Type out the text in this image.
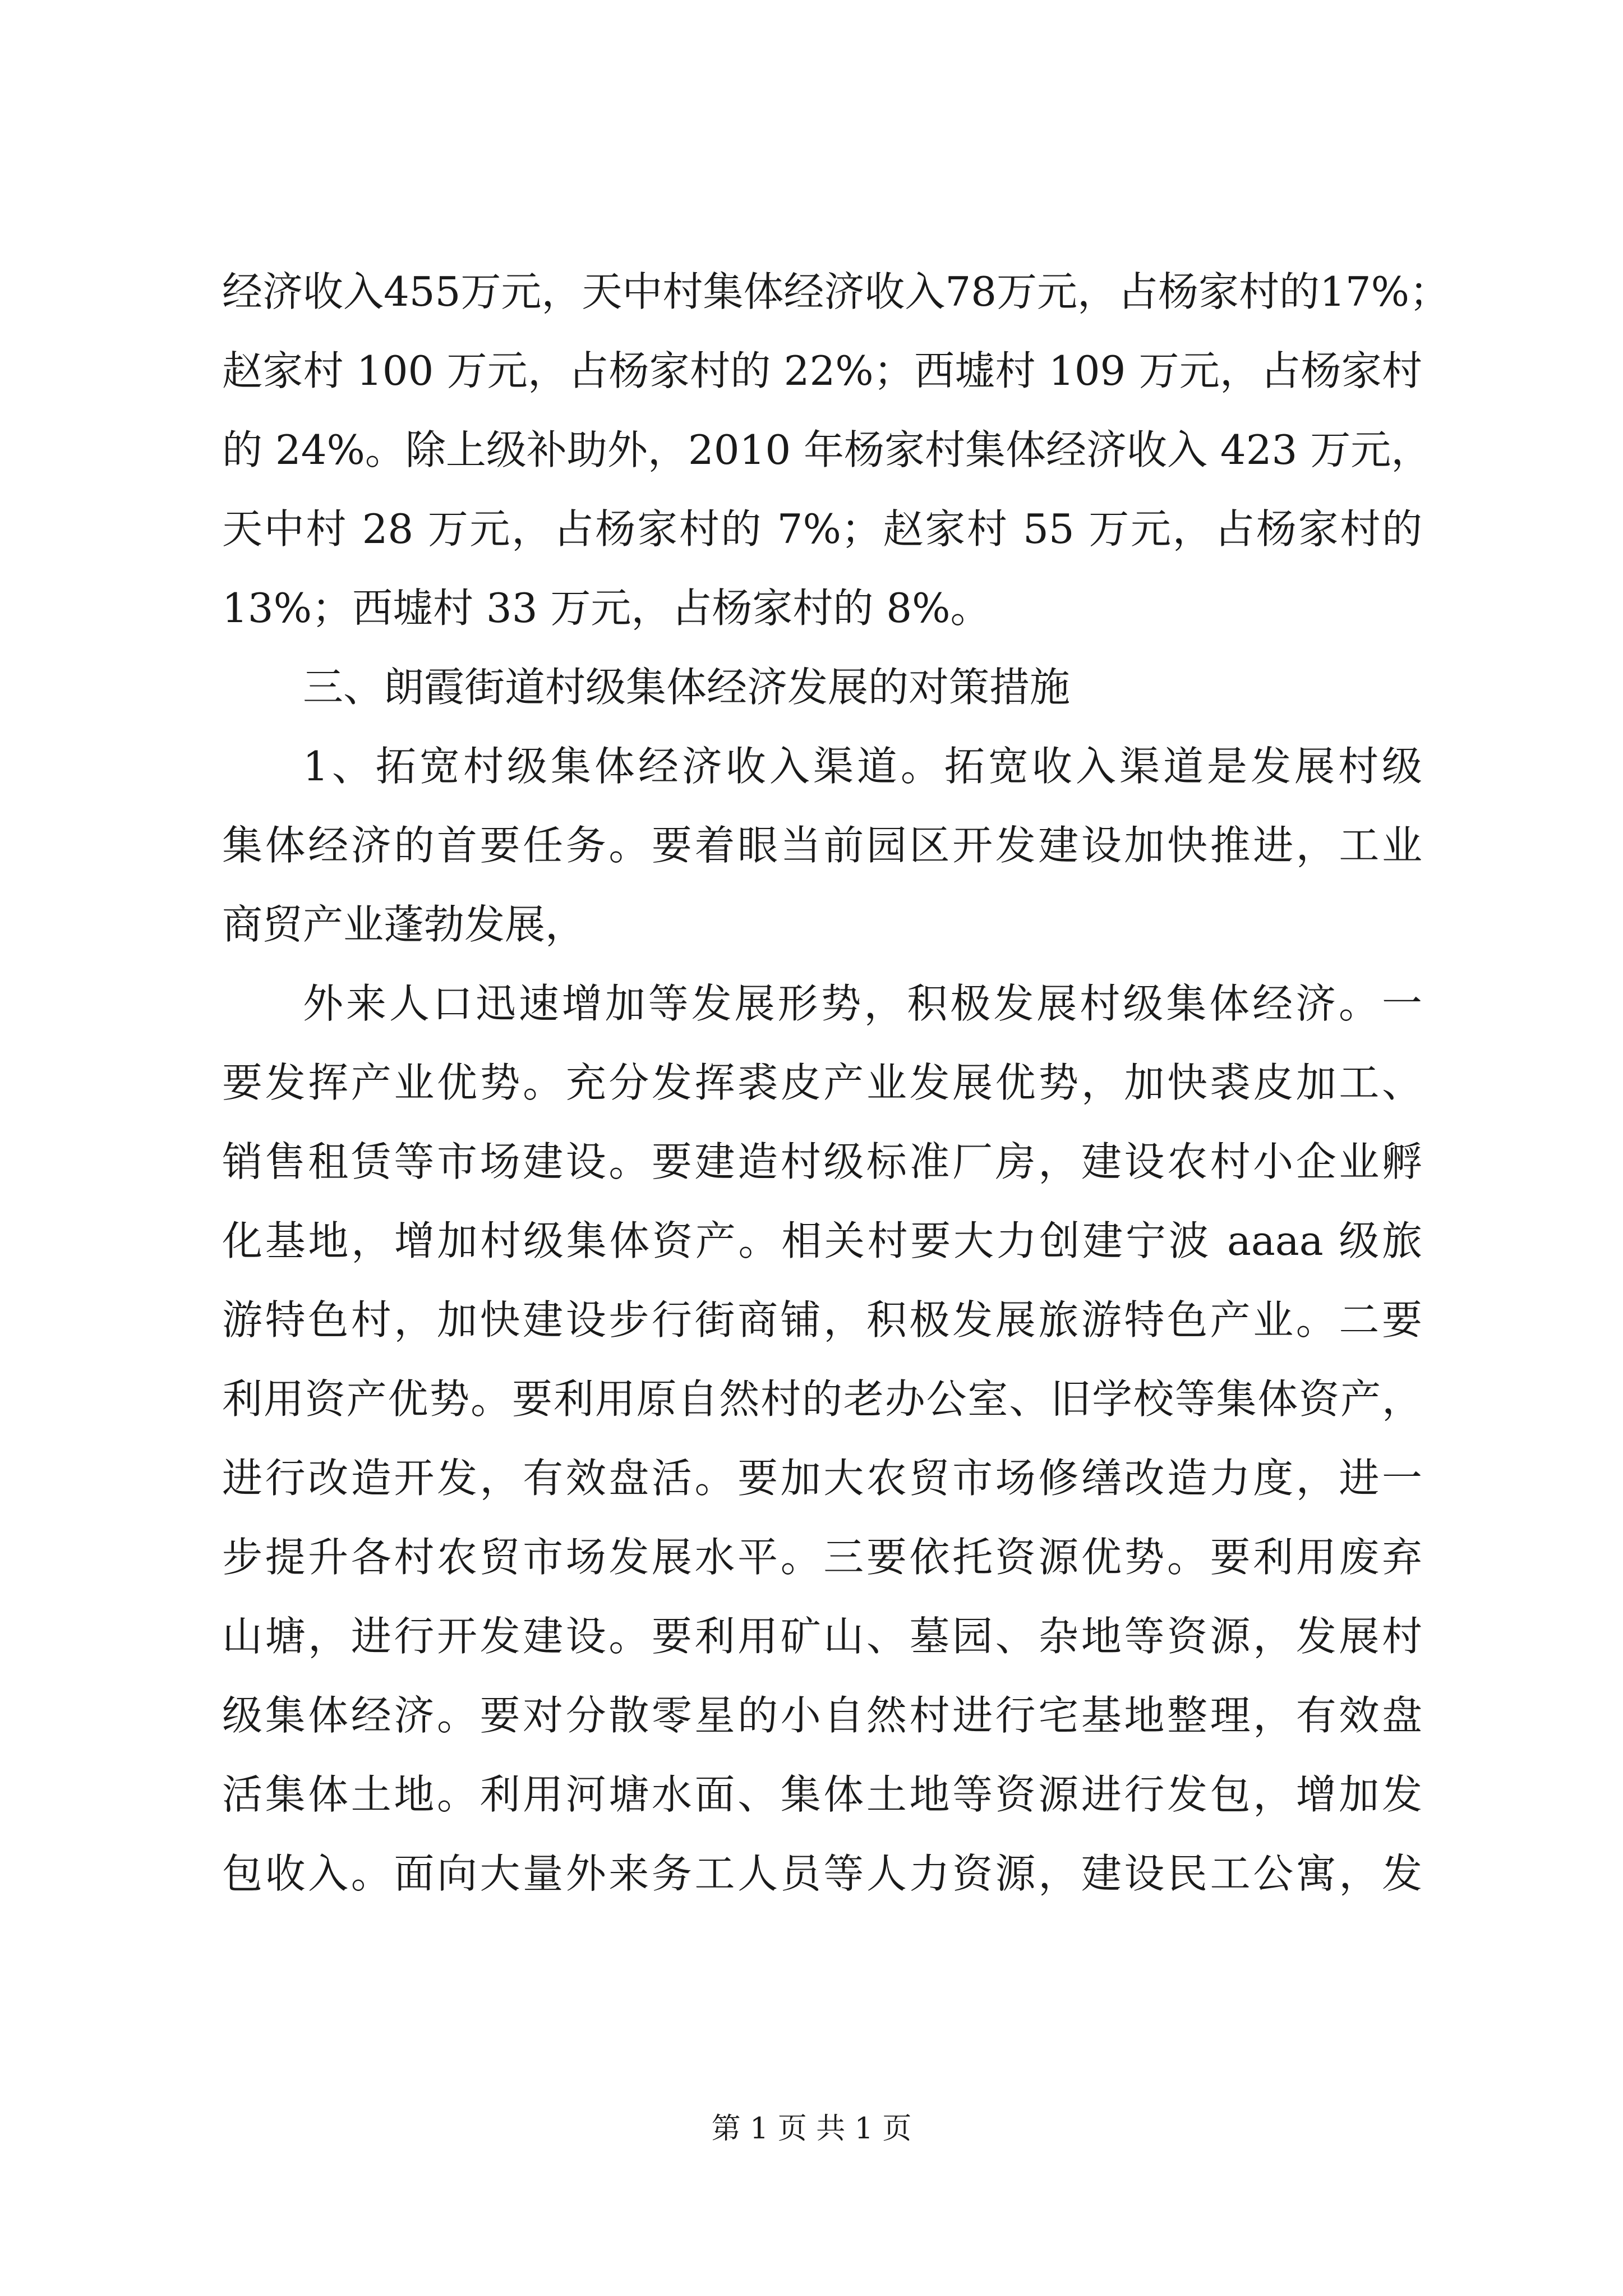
经济收入455万元，天中村集体经济收入78万元，占杨家村的17%；
赵家村 100 万元，占杨家村的 22%；西墟村 109 万元，占杨家村
的 24%。除上级补助外，2010 年杨家村集体经济收入 423 万元，
天中村 28 万元，占杨家村的 7%；赵家村 55 万元，占杨家村的
13%；西墟村 33 万元，占杨家村的 8%。
三、朗霞街道村级集体经济发展的对策措施
1、拓宽村级集体经济收入渠道。拓宽收入渠道是发展村级
集体经济的首要任务。要着眼当前园区开发建设加快推进，工业
商贸产业蓬勃发展，
外来人口迅速增加等发展形势，积极发展村级集体经济。一
要发挥产业优势。充分发挥裘皮产业发展优势，加快裘皮加工、
销售租赁等市场建设。要建造村级标准厂房，建设农村小企业孵
化基地，增加村级集体资产。相关村要大力创建宁波 aaaa 级旅
游特色村，加快建设步行街商铺，积极发展旅游特色产业。二要
利用资产优势。要利用原自然村的老办公室、旧学校等集体资产，
进行改造开发，有效盘活。要加大农贸市场修缮改造力度，进一
步提升各村农贸市场发展水平。三要依托资源优势。要利用废弃
山塘，进行开发建设。要利用矿山、墓园、杂地等资源，发展村
级集体经济。要对分散零星的小自然村进行宅基地整理，有效盘
活集体土地。利用河塘水面、集体土地等资源进行发包，增加发
包收入。面向大量外来务工人员等人力资源，建设民工公寓，发
第 1 页 共 1 页
